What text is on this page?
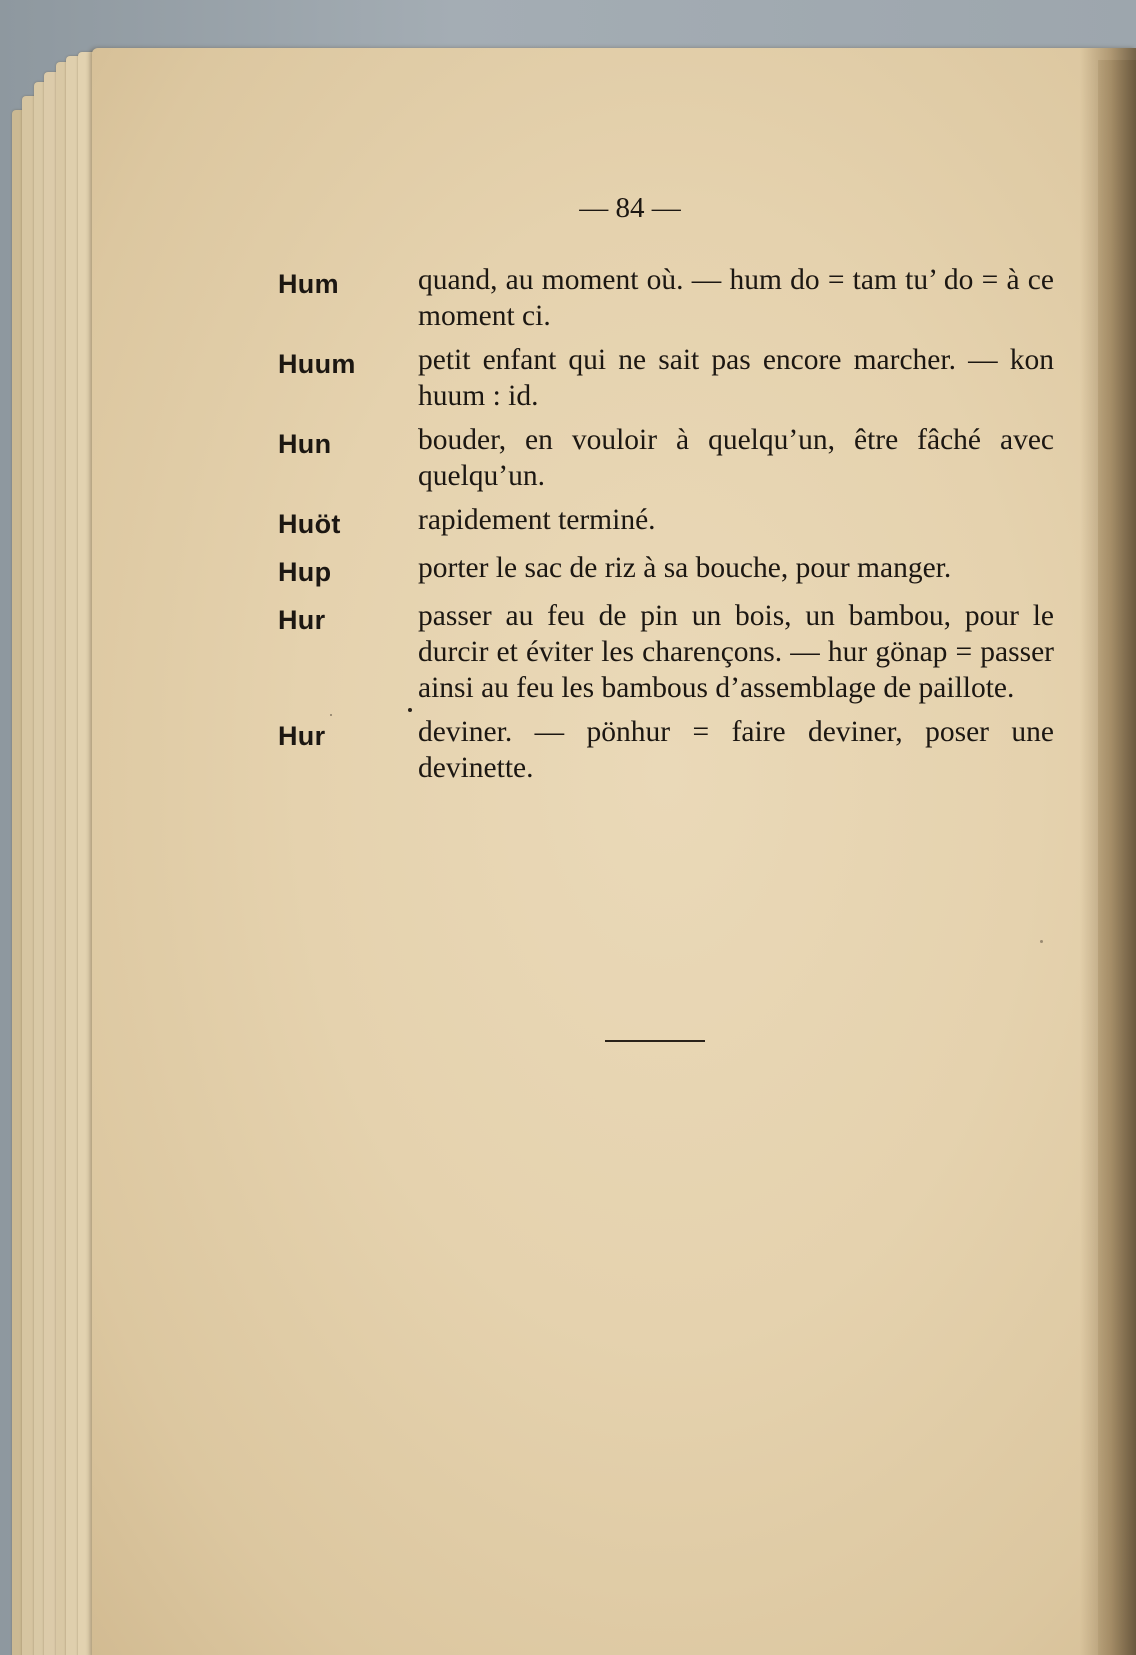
— 84 —
Hum	quand, au moment où. — hum do = tam tu’ do = à ce moment ci.
Huum	petit enfant qui ne sait pas encore marcher. — kon huum : id.
Hun	bouder, en vouloir à quelqu’un, être fâché avec quelqu’un.
Huöt	rapidement terminé.
Hup	porter le sac de riz à sa bouche, pour manger.
Hur	passer au feu de pin un bois, un bambou, pour le durcir et éviter les charençons. — hur gönap = passer ainsi au feu les bambous d’assemblage de paillote.
Hur	deviner. — pönhur = faire deviner, poser une devinette.
